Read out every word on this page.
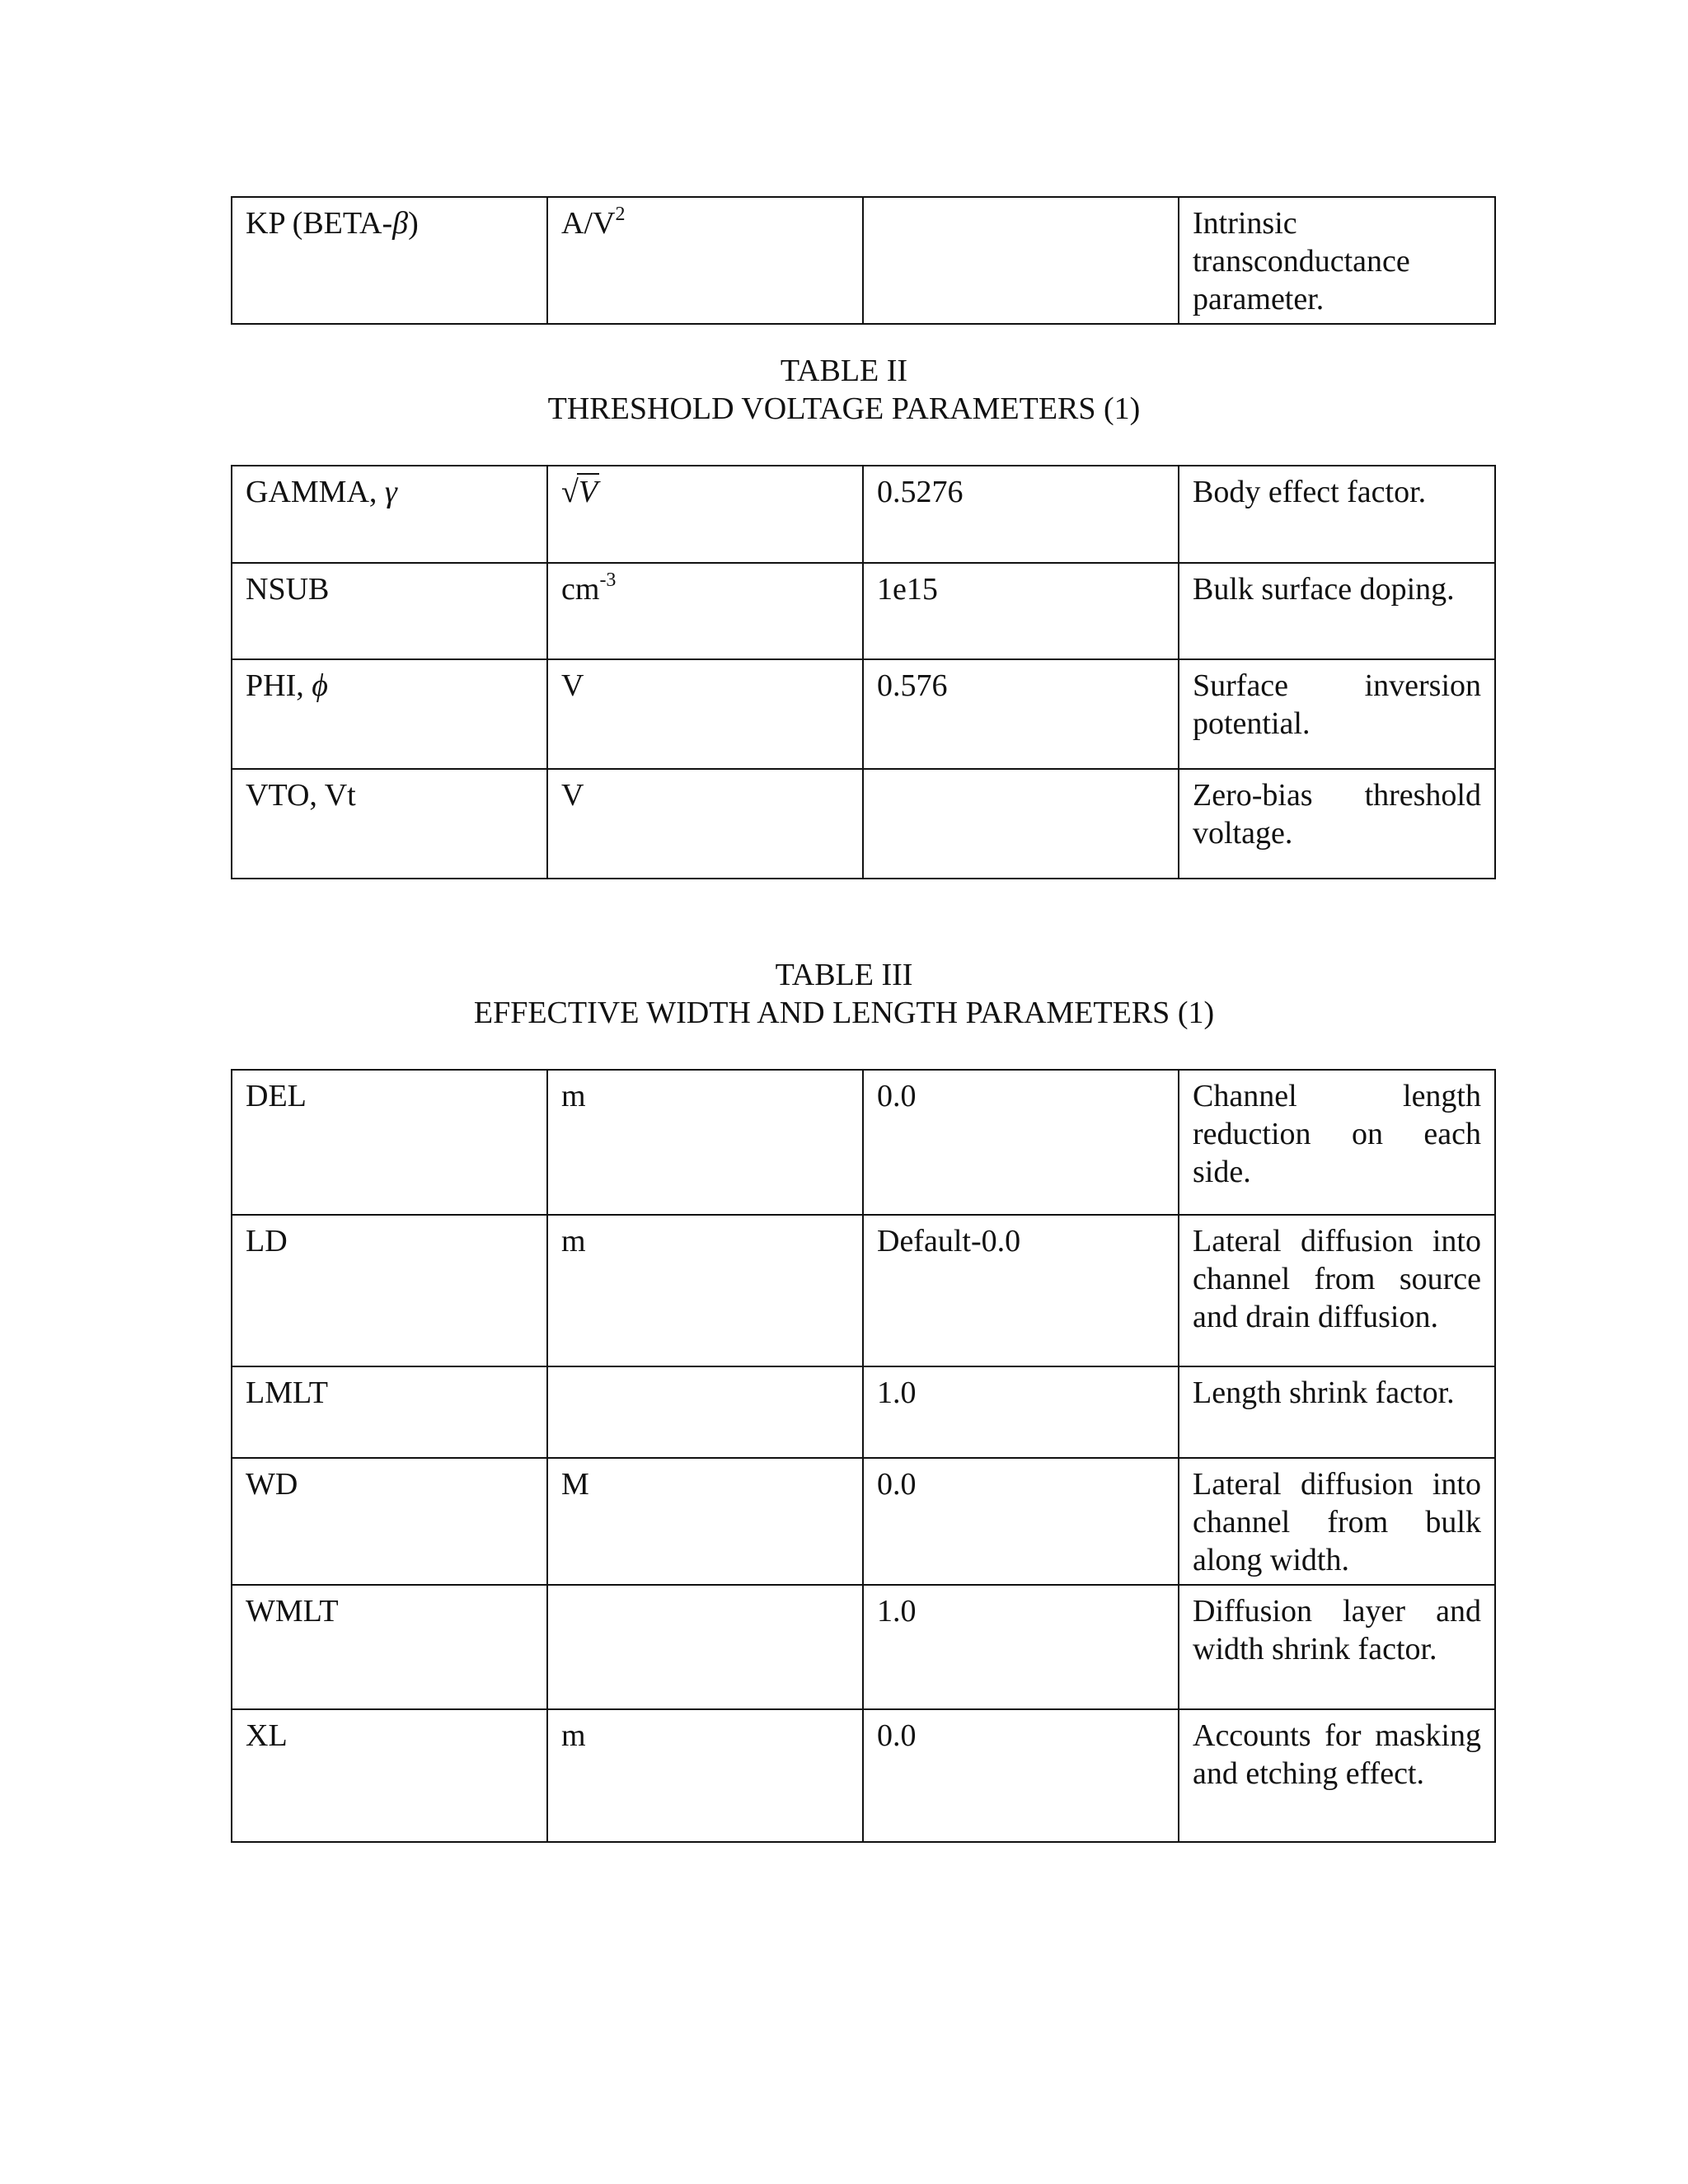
KP (BETA-β)	$A/V^2$		Intrinsic transconductance parameter.
TABLE II
THRESHOLD VOLTAGE PARAMETERS (1)
GAMMA, γ	√V	0.5276	Body effect factor.
NSUB	$cm^{-3}$	1e15	Bulk surface doping.
PHI, ϕ	V	0.576	Surface inversion potential.
VTO, Vt	V		Zero-bias threshold voltage.
TABLE III
EFFECTIVE WIDTH AND LENGTH PARAMETERS (1)
DEL	m	0.0	Channel length reduction on each side.
LD	m	Default-0.0	Lateral diffusion into channel from source and drain diffusion.
LMLT		1.0	Length shrink factor.
WD	M	0.0	Lateral diffusion into channel from bulk along width.
WMLT		1.0	Diffusion layer and width shrink factor.
XL	m	0.0	Accounts for masking and etching effect.
